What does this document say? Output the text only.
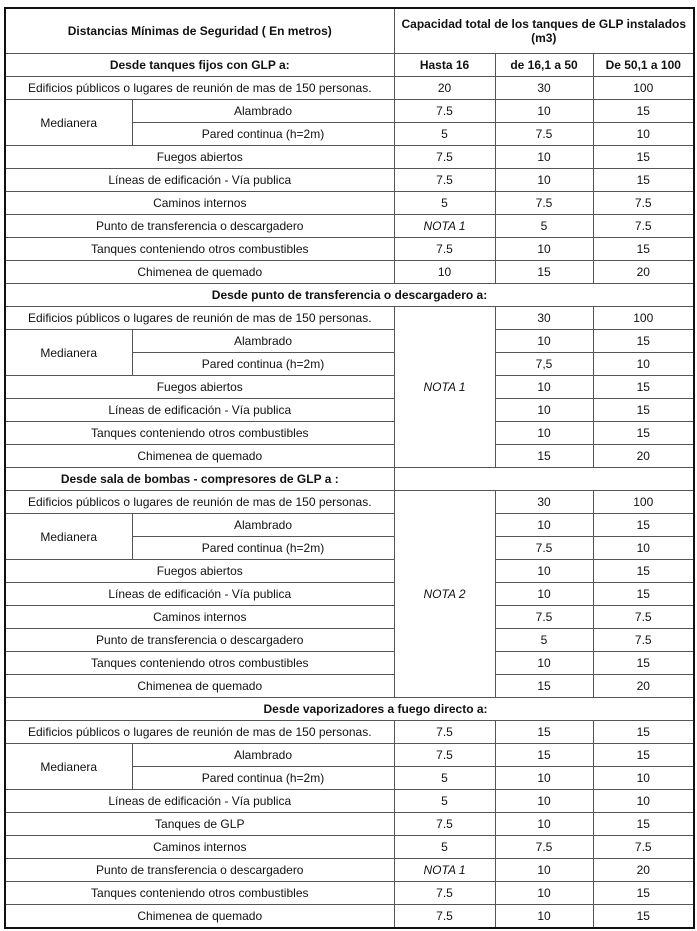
Distancias Mínimas de Seguridad ( En metros)		Capacidad total de los tanques de GLP instalados (m3)		
Desde tanques fijos con GLP a:		Hasta 16	de 16,1 a 50	De 50,1 a 100
Edificios públicos o lugares de reunión de mas de 150 personas.		20	30	100
Medianera	Alambrado	7.5	10	15
	Pared continua (h=2m)	5	7.5	10
Fuegos abiertos		7.5	10	15
Líneas de edificación - Vía publica		7.5	10	15
Caminos internos		5	7.5	7.5
Punto de transferencia o descargadero		NOTA 1	5	7.5
Tanques conteniendo otros combustibles		7.5	10	15
Chimenea de quemado		10	15	20
Desde punto de transferencia o descargadero a:				
Edificios públicos o lugares de reunión de mas de 150 personas.		NOTA 1	30	100
Medianera	Alambrado		10	15
	Pared continua (h=2m)		7,5	10
Fuegos abiertos			10	15
Líneas de edificación - Vía publica			10	15
Tanques conteniendo otros combustibles			10	15
Chimenea de quemado			15	20
Desde sala de bombas - compresores de GLP a :				
Edificios públicos o lugares de reunión de mas de 150 personas.		NOTA 2	30	100
Medianera	Alambrado		10	15
	Pared continua (h=2m)		7.5	10
Fuegos abiertos			10	15
Líneas de edificación - Vía publica			10	15
Caminos internos			7.5	7.5
Punto de transferencia o descargadero			5	7.5
Tanques conteniendo otros combustibles			10	15
Chimenea de quemado			15	20
Desde vaporizadores a fuego directo a:				
Edificios públicos o lugares de reunión de mas de 150 personas.		7.5	15	15
Medianera	Alambrado	7.5	15	15
	Pared continua (h=2m)	5	10	10
Líneas de edificación - Vía publica		5	10	10
Tanques de GLP		7.5	10	15
Caminos internos		5	7.5	7.5
Punto de transferencia o descargadero		NOTA 1	10	20
Tanques conteniendo otros combustibles		7.5	10	15
Chimenea de quemado		7.5	10	15
